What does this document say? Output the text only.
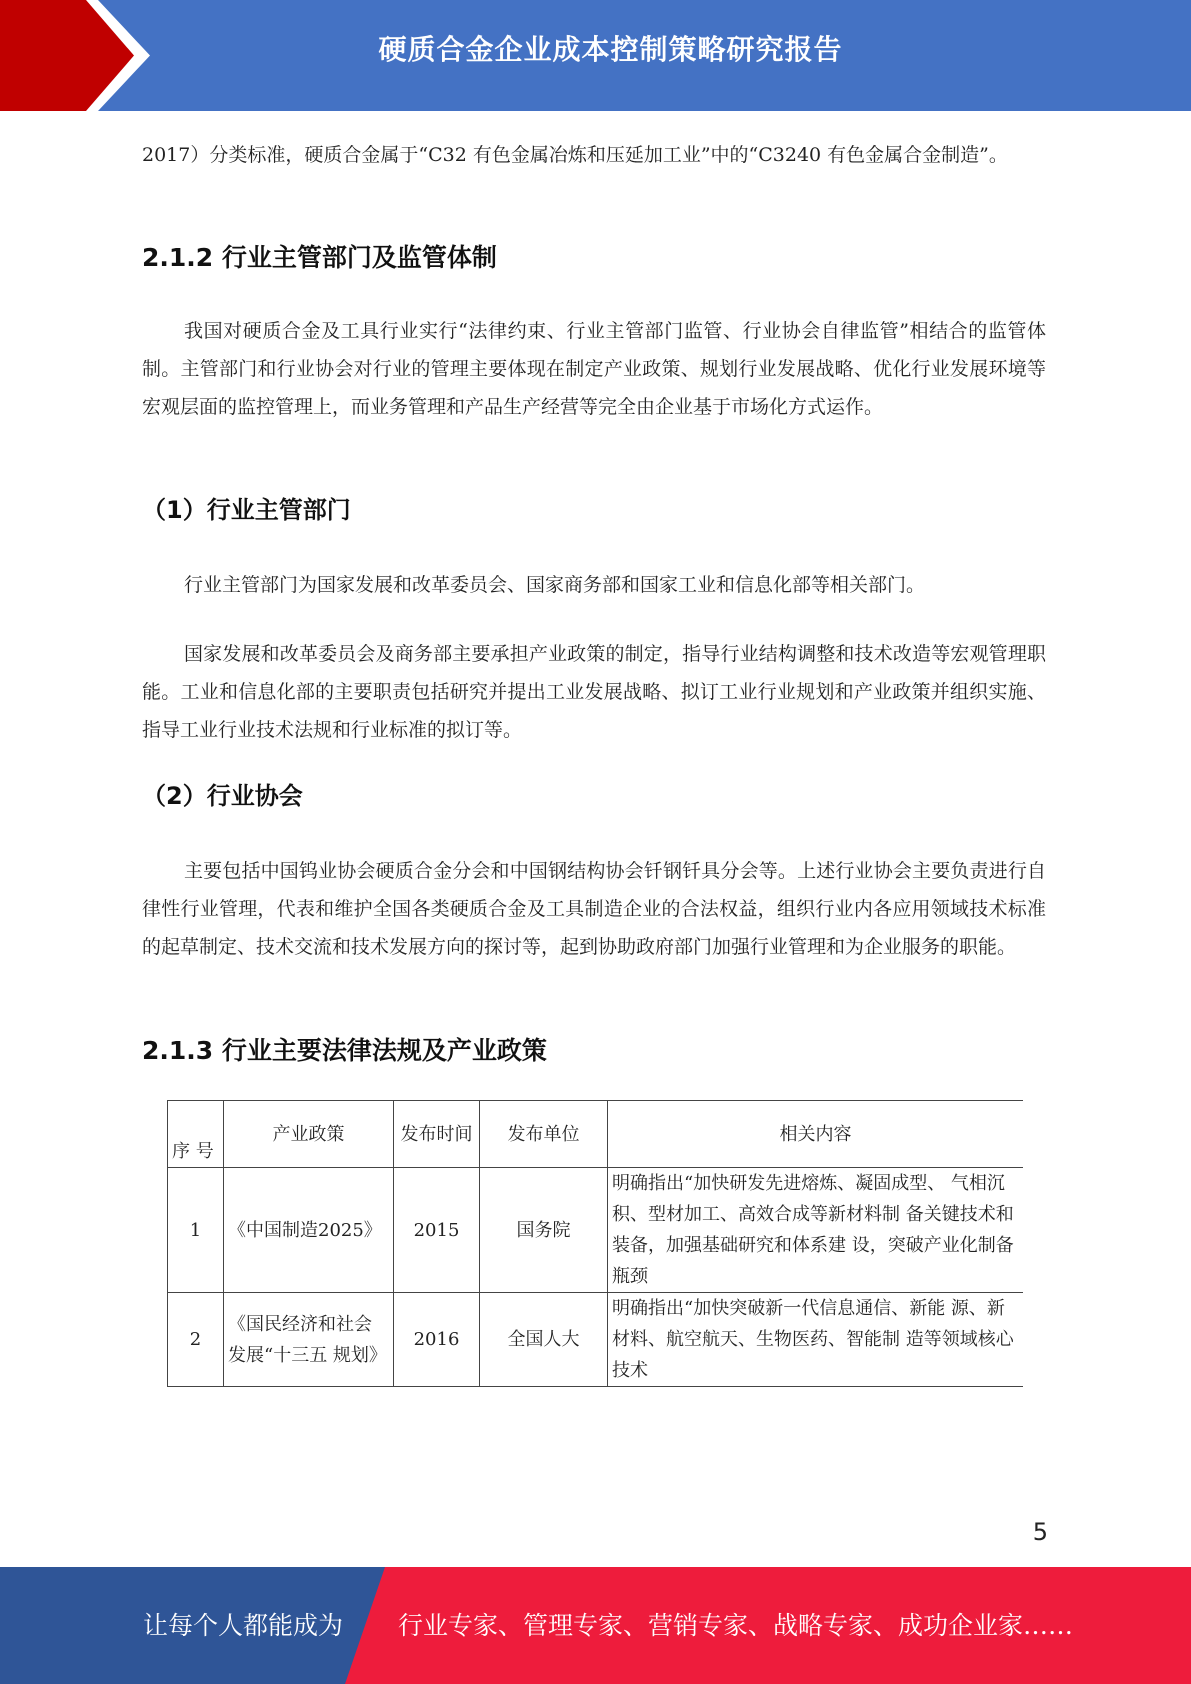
硬质合金企业成本控制策略研究报告

2017）分类标准，硬质合金属于“C32 有色金属冶炼和压延加工业”中的“C3240 有色金属合金制造”。

2.1.2 行业主管部门及监管体制

我国对硬质合金及工具行业实行“法律约束、行业主管部门监管、行业协会自律监管”相结合的监管体制。主管部门和行业协会对行业的管理主要体现在制定产业政策、规划行业发展战略、优化行业发展环境等宏观层面的监控管理上，而业务管理和产品生产经营等完全由企业基于市场化方式运作。

（1）行业主管部门

行业主管部门为国家发展和改革委员会、国家商务部和国家工业和信息化部等相关部门。

国家发展和改革委员会及商务部主要承担产业政策的制定，指导行业结构调整和技术改造等宏观管理职能。工业和信息化部的主要职责包括研究并提出工业发展战略、拟订工业行业规划和产业政策并组织实施、指导工业行业技术法规和行业标准的拟订等。

（2）行业协会

主要包括中国钨业协会硬质合金分会和中国钢结构协会钎钢钎具分会等。上述行业协会主要负责进行自律性行业管理，代表和维护全国各类硬质合金及工具制造企业的合法权益，组织行业内各应用领域技术标准的起草制定、技术交流和技术发展方向的探讨等，起到协助政府部门加强行业管理和为企业服务的职能。

2.1.3 行业主要法律法规及产业政策
序 号	产业政策	发布时间	发布单位	相关内容
1	《中国制造2025》	2015	国务院	明确指出“加快研发先进熔炼、凝固成型、 气相沉积、型材加工、高效合成等新材料制 备关键技术和装备，加强基础研究和体系建 设，突破产业化制备瓶颈
2	《国民经济和社会发展“十三五 规划》	2016	全国人大	明确指出“加快突破新一代信息通信、新能 源、新材料、航空航天、生物医药、智能制 造等领域核心技术
5
让每个人都能成为 行业专家、管理专家、营销专家、战略专家、成功企业家……
